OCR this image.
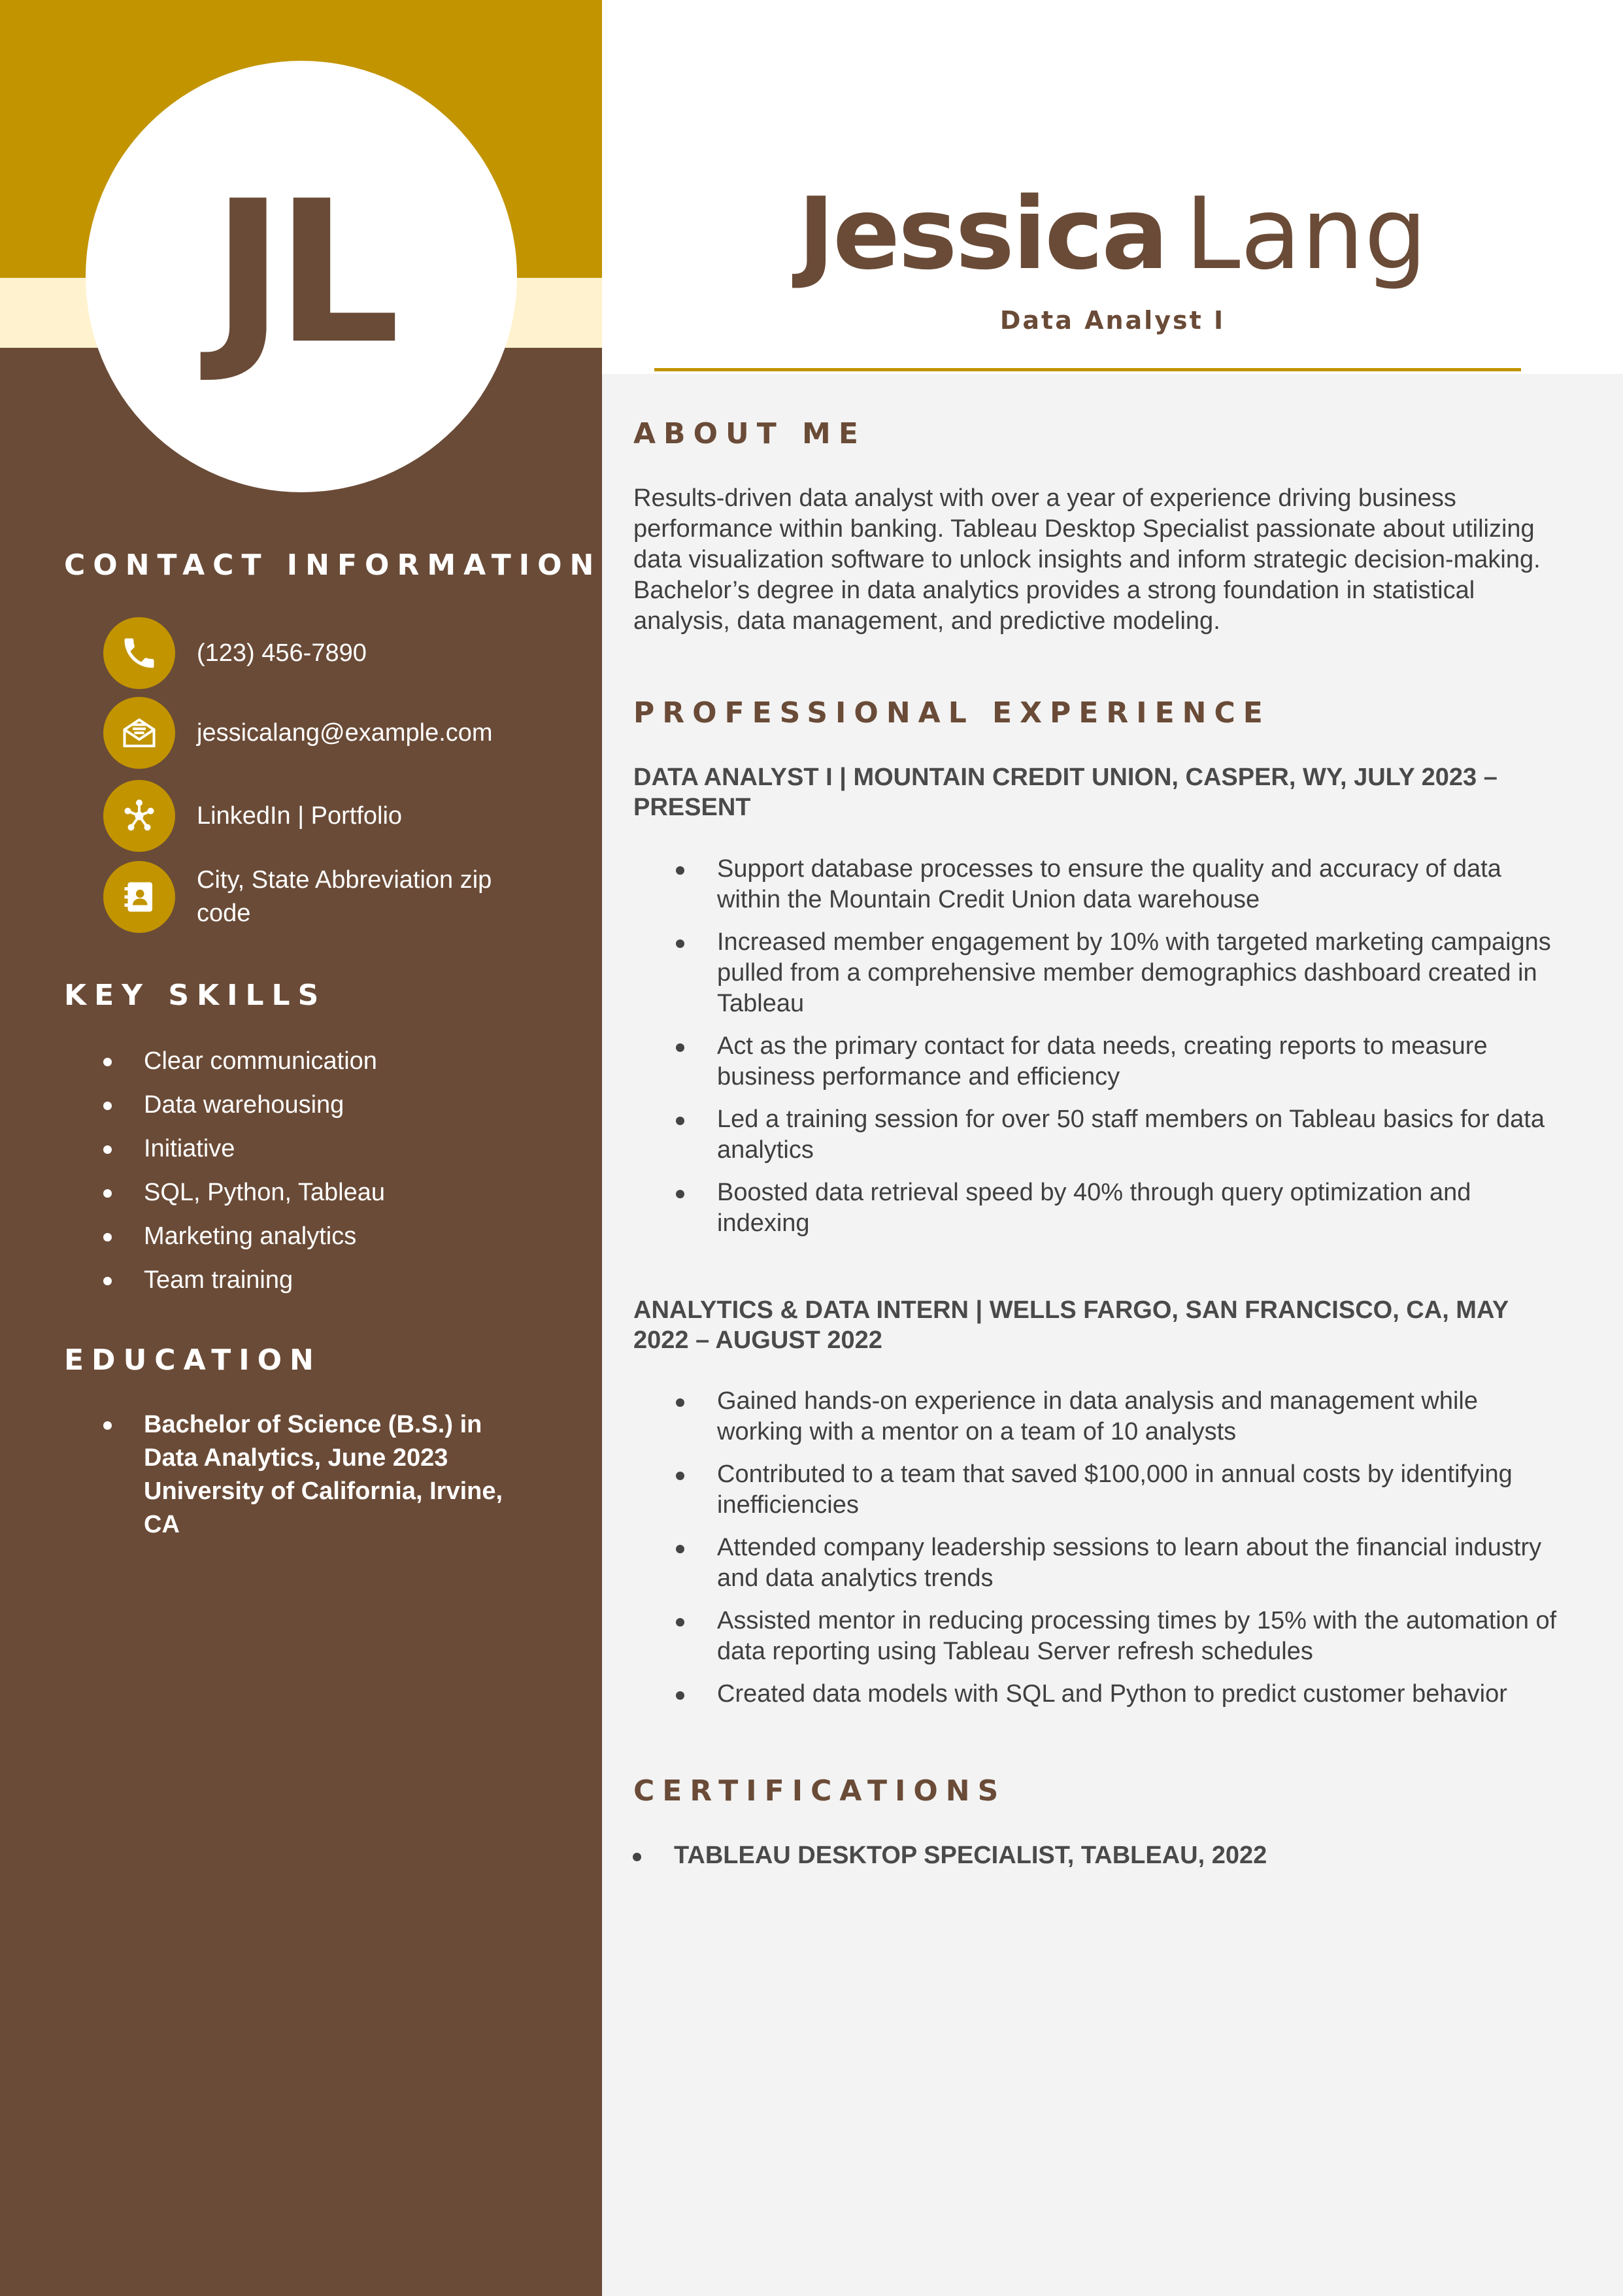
JL
CONTACT INFORMATION
(123) 456-7890
jessicalang@example.com
LinkedIn | Portfolio
City, State Abbreviation zip code
KEY SKILLS
Clear communication
Data warehousing
Initiative
SQL, Python, Tableau
Marketing analytics
Team training
EDUCATION
Bachelor of Science (B.S.) in Data Analytics, June 2023
University of California, Irvine, CA
Jessica Lang
Data Analyst I
ABOUT ME
Results-driven data analyst with over a year of experience driving business performance within banking. Tableau Desktop Specialist passionate about utilizing data visualization software to unlock insights and inform strategic decision-making. Bachelor’s degree in data analytics provides a strong foundation in statistical analysis, data management, and predictive modeling.
PROFESSIONAL EXPERIENCE
DATA ANALYST I | MOUNTAIN CREDIT UNION, CASPER, WY, JULY 2023 – PRESENT
Support database processes to ensure the quality and accuracy of data within the Mountain Credit Union data warehouse
Increased member engagement by 10% with targeted marketing campaigns pulled from a comprehensive member demographics dashboard created in Tableau
Act as the primary contact for data needs, creating reports to measure business performance and efficiency
Led a training session for over 50 staff members on Tableau basics for data analytics
Boosted data retrieval speed by 40% through query optimization and indexing
ANALYTICS & DATA INTERN | WELLS FARGO, SAN FRANCISCO, CA, MAY 2022 – AUGUST 2022
Gained hands-on experience in data analysis and management while working with a mentor on a team of 10 analysts
Contributed to a team that saved $100,000 in annual costs by identifying inefficiencies
Attended company leadership sessions to learn about the financial industry and data analytics trends
Assisted mentor in reducing processing times by 15% with the automation of data reporting using Tableau Server refresh schedules
Created data models with SQL and Python to predict customer behavior
CERTIFICATIONS
TABLEAU DESKTOP SPECIALIST, TABLEAU, 2022
